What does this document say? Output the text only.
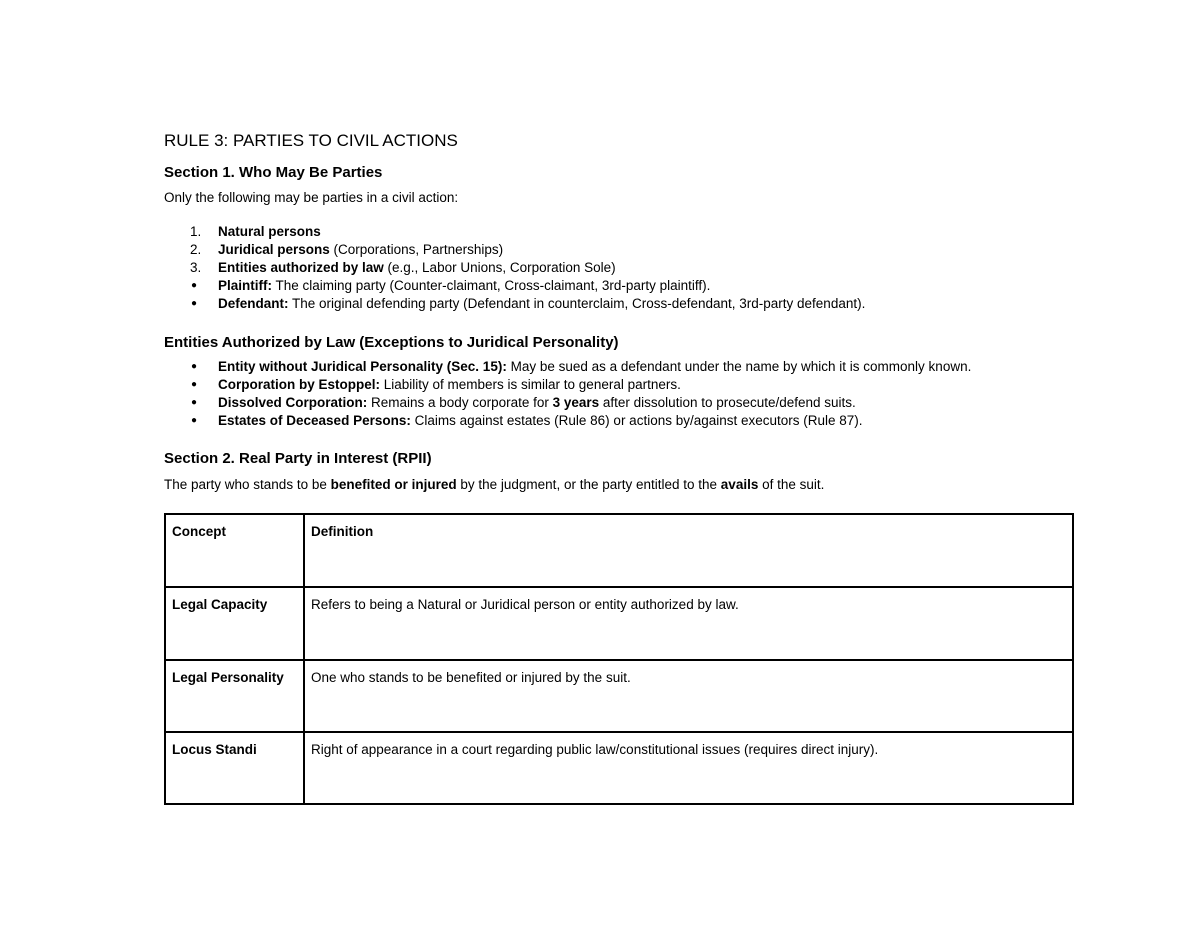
RULE 3: PARTIES TO CIVIL ACTIONS
Section 1. Who May Be Parties

Only the following may be parties in a civil action:

1.	Natural persons
2.	Juridical persons (Corporations, Partnerships)
3.	Entities authorized by law (e.g., Labor Unions, Corporation Sole)
●	Plaintiff: The claiming party (Counter-claimant, Cross-claimant, 3rd-party plaintiff).
●	Defendant: The original defending party (Defendant in counterclaim, Cross-defendant, 3rd-party defendant).
Entities Authorized by Law (Exceptions to Juridical Personality)
●	Entity without Juridical Personality (Sec. 15): May be sued as a defendant under the name by which it is commonly known.
●	Corporation by Estoppel: Liability of members is similar to general partners.
●	Dissolved Corporation: Remains a body corporate for 3 years after dissolution to prosecute/defend suits.
●	Estates of Deceased Persons: Claims against estates (Rule 86) or actions by/against executors (Rule 87).
Section 2. Real Party in Interest (RPII)

The party who stands to be benefited or injured by the judgment, or the party entitled to the avails of the suit.

Concept	Definition
Legal Capacity	Refers to being a Natural or Juridical person or entity authorized by law.
Legal Personality	One who stands to be benefited or injured by the suit.
Locus Standi	Right of appearance in a court regarding public law/constitutional issues (requires direct injury).
